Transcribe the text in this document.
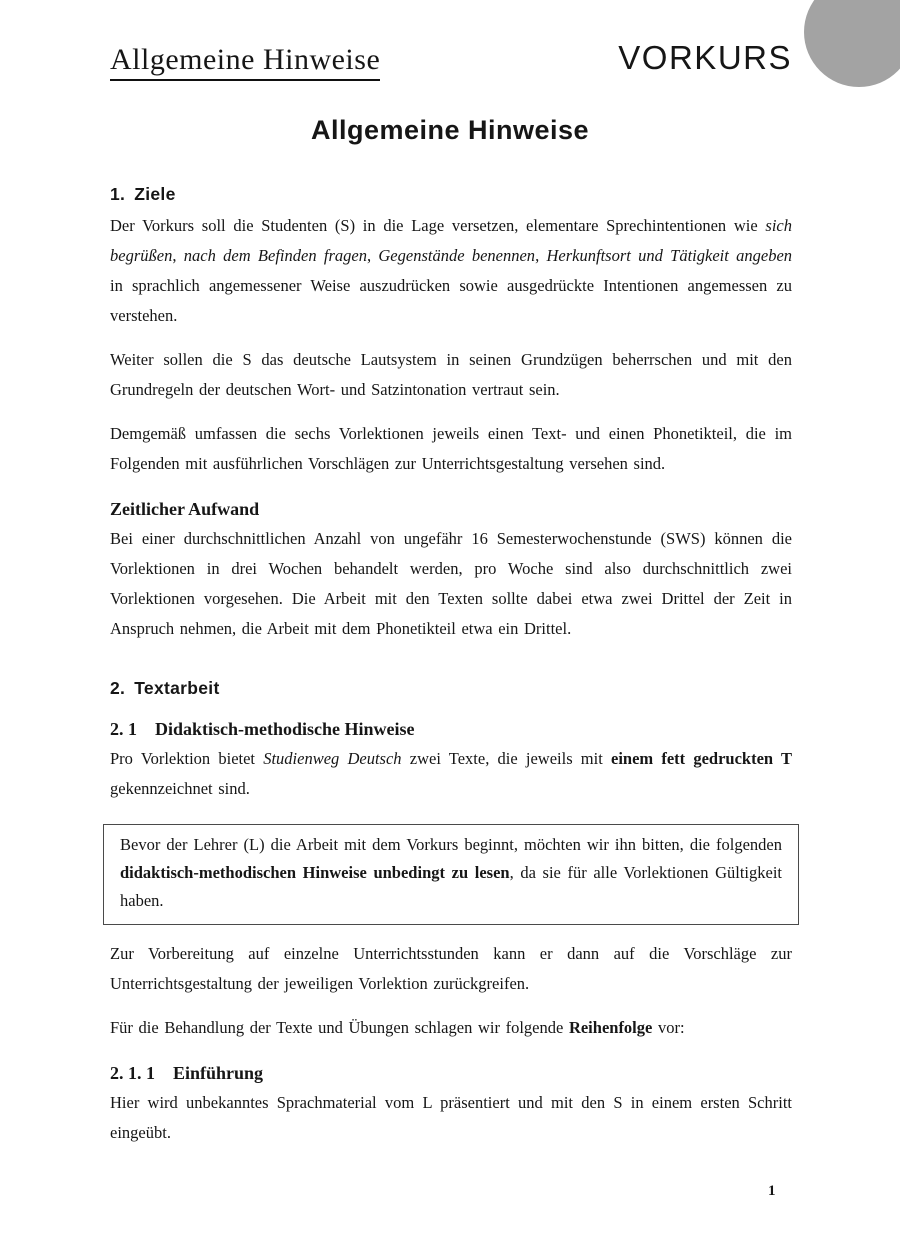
Allgemeine Hinweise	VORKURS
Allgemeine Hinweise
1. Ziele

Der Vorkurs soll die Studenten (S) in die Lage versetzen, elementare Sprechintentionen wie sich begrüßen, nach dem Befinden fragen, Gegenstände benennen, Herkunftsort und Tätigkeit angeben in sprachlich angemessener Weise auszudrücken sowie ausgedrückte Intentionen angemessen zu verstehen.

Weiter sollen die S das deutsche Lautsystem in seinen Grundzügen beherrschen und mit den Grundregeln der deutschen Wort- und Satzintonation vertraut sein.

Demgemäß umfassen die sechs Vorlektionen jeweils einen Text- und einen Phonetikteil, die im Folgenden mit ausführlichen Vorschlägen zur Unterrichtsgestaltung versehen sind.

Zeitlicher Aufwand

Bei einer durchschnittlichen Anzahl von ungefähr 16 Semesterwochenstunde (SWS) können die Vorlektionen in drei Wochen behandelt werden, pro Woche sind also durchschnittlich zwei Vorlektionen vorgesehen. Die Arbeit mit den Texten sollte dabei etwa zwei Drittel der Zeit in Anspruch nehmen, die Arbeit mit dem Phonetikteil etwa ein Drittel.

2. Textarbeit
2. 1 Didaktisch-methodische Hinweise

Pro Vorlektion bietet Studienweg Deutsch zwei Texte, die jeweils mit einem fett gedruckten T gekennzeichnet sind.

Bevor der Lehrer (L) die Arbeit mit dem Vorkurs beginnt, möchten wir ihn bitten, die folgenden didaktisch-methodischen Hinweise unbedingt zu lesen, da sie für alle Vorlektionen Gültigkeit haben.

Zur Vorbereitung auf einzelne Unterrichtsstunden kann er dann auf die Vorschläge zur Unterrichtsgestaltung der jeweiligen Vorlektion zurückgreifen.

Für die Behandlung der Texte und Übungen schlagen wir folgende Reihenfolge vor:

2. 1. 1 Einführung

Hier wird unbekanntes Sprachmaterial vom L präsentiert und mit den S in einem ersten Schritt eingeübt.

1
